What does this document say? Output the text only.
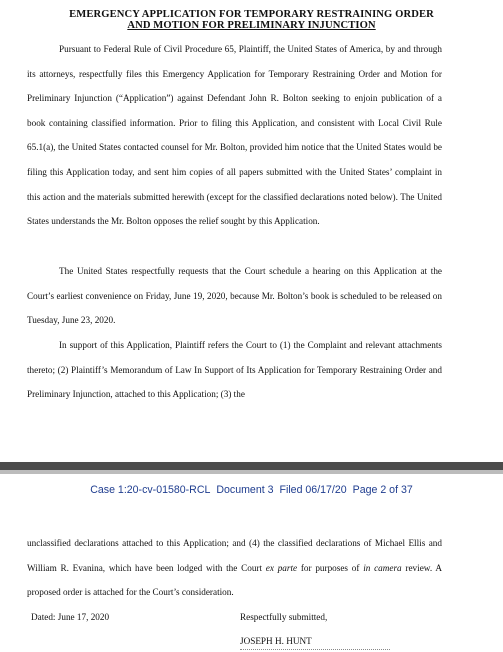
EMERGENCY APPLICATION FOR TEMPORARY RESTRAINING ORDER
AND MOTION FOR PRELIMINARY INJUNCTION

Pursuant to Federal Rule of Civil Procedure 65, Plaintiff, the United States of America, by and through its attorneys, respectfully files this Emergency Application for Temporary Restraining Order and Motion for Preliminary Injunction (“Application”) against Defendant John R. Bolton seeking to enjoin publication of a book containing classified information. Prior to filing this Application, and consistent with Local Civil Rule 65.1(a), the United States contacted counsel for Mr. Bolton, provided him notice that the United States would be filing this Application today, and sent him copies of all papers submitted with the United States’ complaint in this action and the materials submitted herewith (except for the classified declarations noted below). The United States understands the Mr. Bolton opposes the relief sought by this Application.

The United States respectfully requests that the Court schedule a hearing on this Application at the Court’s earliest convenience on Friday, June 19, 2020, because Mr. Bolton’s book is scheduled to be released on Tuesday, June 23, 2020.

In support of this Application, Plaintiff refers the Court to (1) the Complaint and relevant attachments thereto; (2) Plaintiff’s Memorandum of Law In Support of Its Application for Temporary Restraining Order and Preliminary Injunction, attached to this Application; (3) the

Case 1:20-cv-01580-RCL Document 3 Filed 06/17/20 Page 2 of 37

unclassified declarations attached to this Application; and (4) the classified declarations of Michael Ellis and William R. Evanina, which have been lodged with the Court ex parte for purposes of in camera review. A proposed order is attached for the Court’s consideration.

Dated: June 17, 2020	Respectfully submitted,
JOSEPH H. HUNT
